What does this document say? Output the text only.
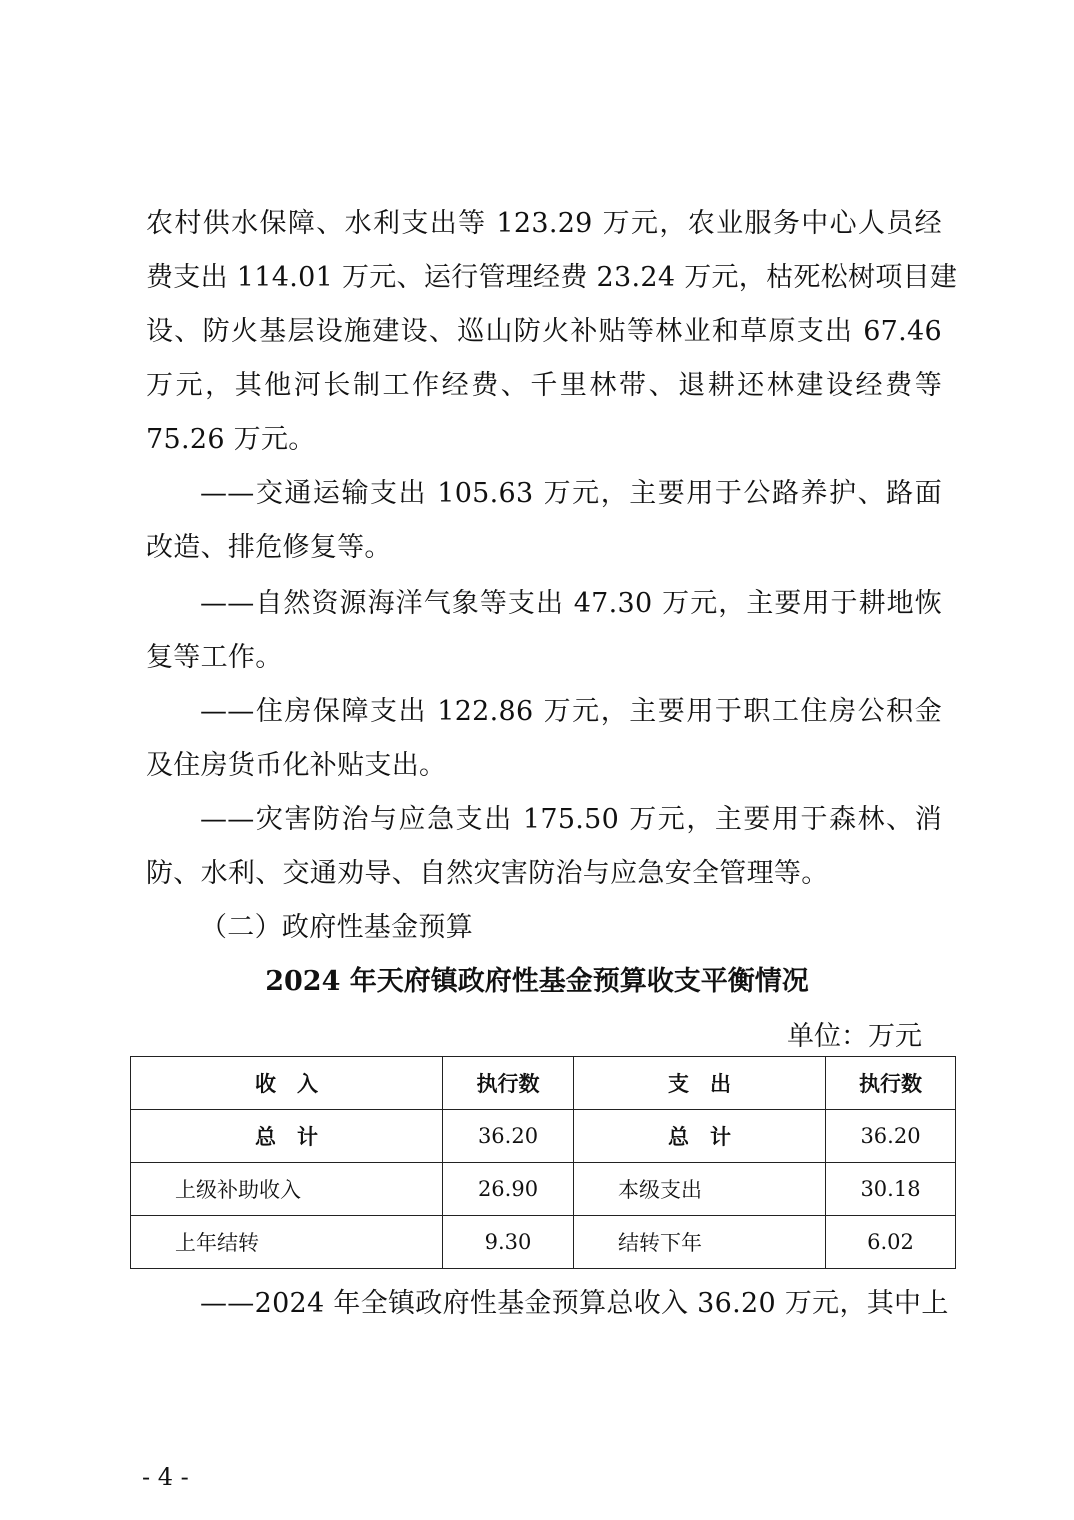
农村供水保障、水利支出等 123.29 万元，农业服务中心人员经
费支出 114.01 万元、运行管理经费 23.24 万元，枯死松树项目建
设、防火基层设施建设、巡山防火补贴等林业和草原支出 67.46
万元，其他河长制工作经费、千里林带、退耕还林建设经费等
75.26 万元。
——交通运输支出 105.63 万元，主要用于公路养护、路面
改造、排危修复等。
——自然资源海洋气象等支出 47.30 万元，主要用于耕地恢
复等工作。
——住房保障支出 122.86 万元，主要用于职工住房公积金
及住房货币化补贴支出。
——灾害防治与应急支出 175.50 万元，主要用于森林、消
防、水利、交通劝导、自然灾害防治与应急安全管理等。
（二）政府性基金预算
2024 年天府镇政府性基金预算收支平衡情况
单位：万元
收　入	执行数	支　出	执行数
总　计	36.20	总　计	36.20
上级补助收入	26.90	本级支出	30.18
上年结转	9.30	结转下年	6.02
——2024 年全镇政府性基金预算总收入 36.20 万元，其中上
- 4 -
